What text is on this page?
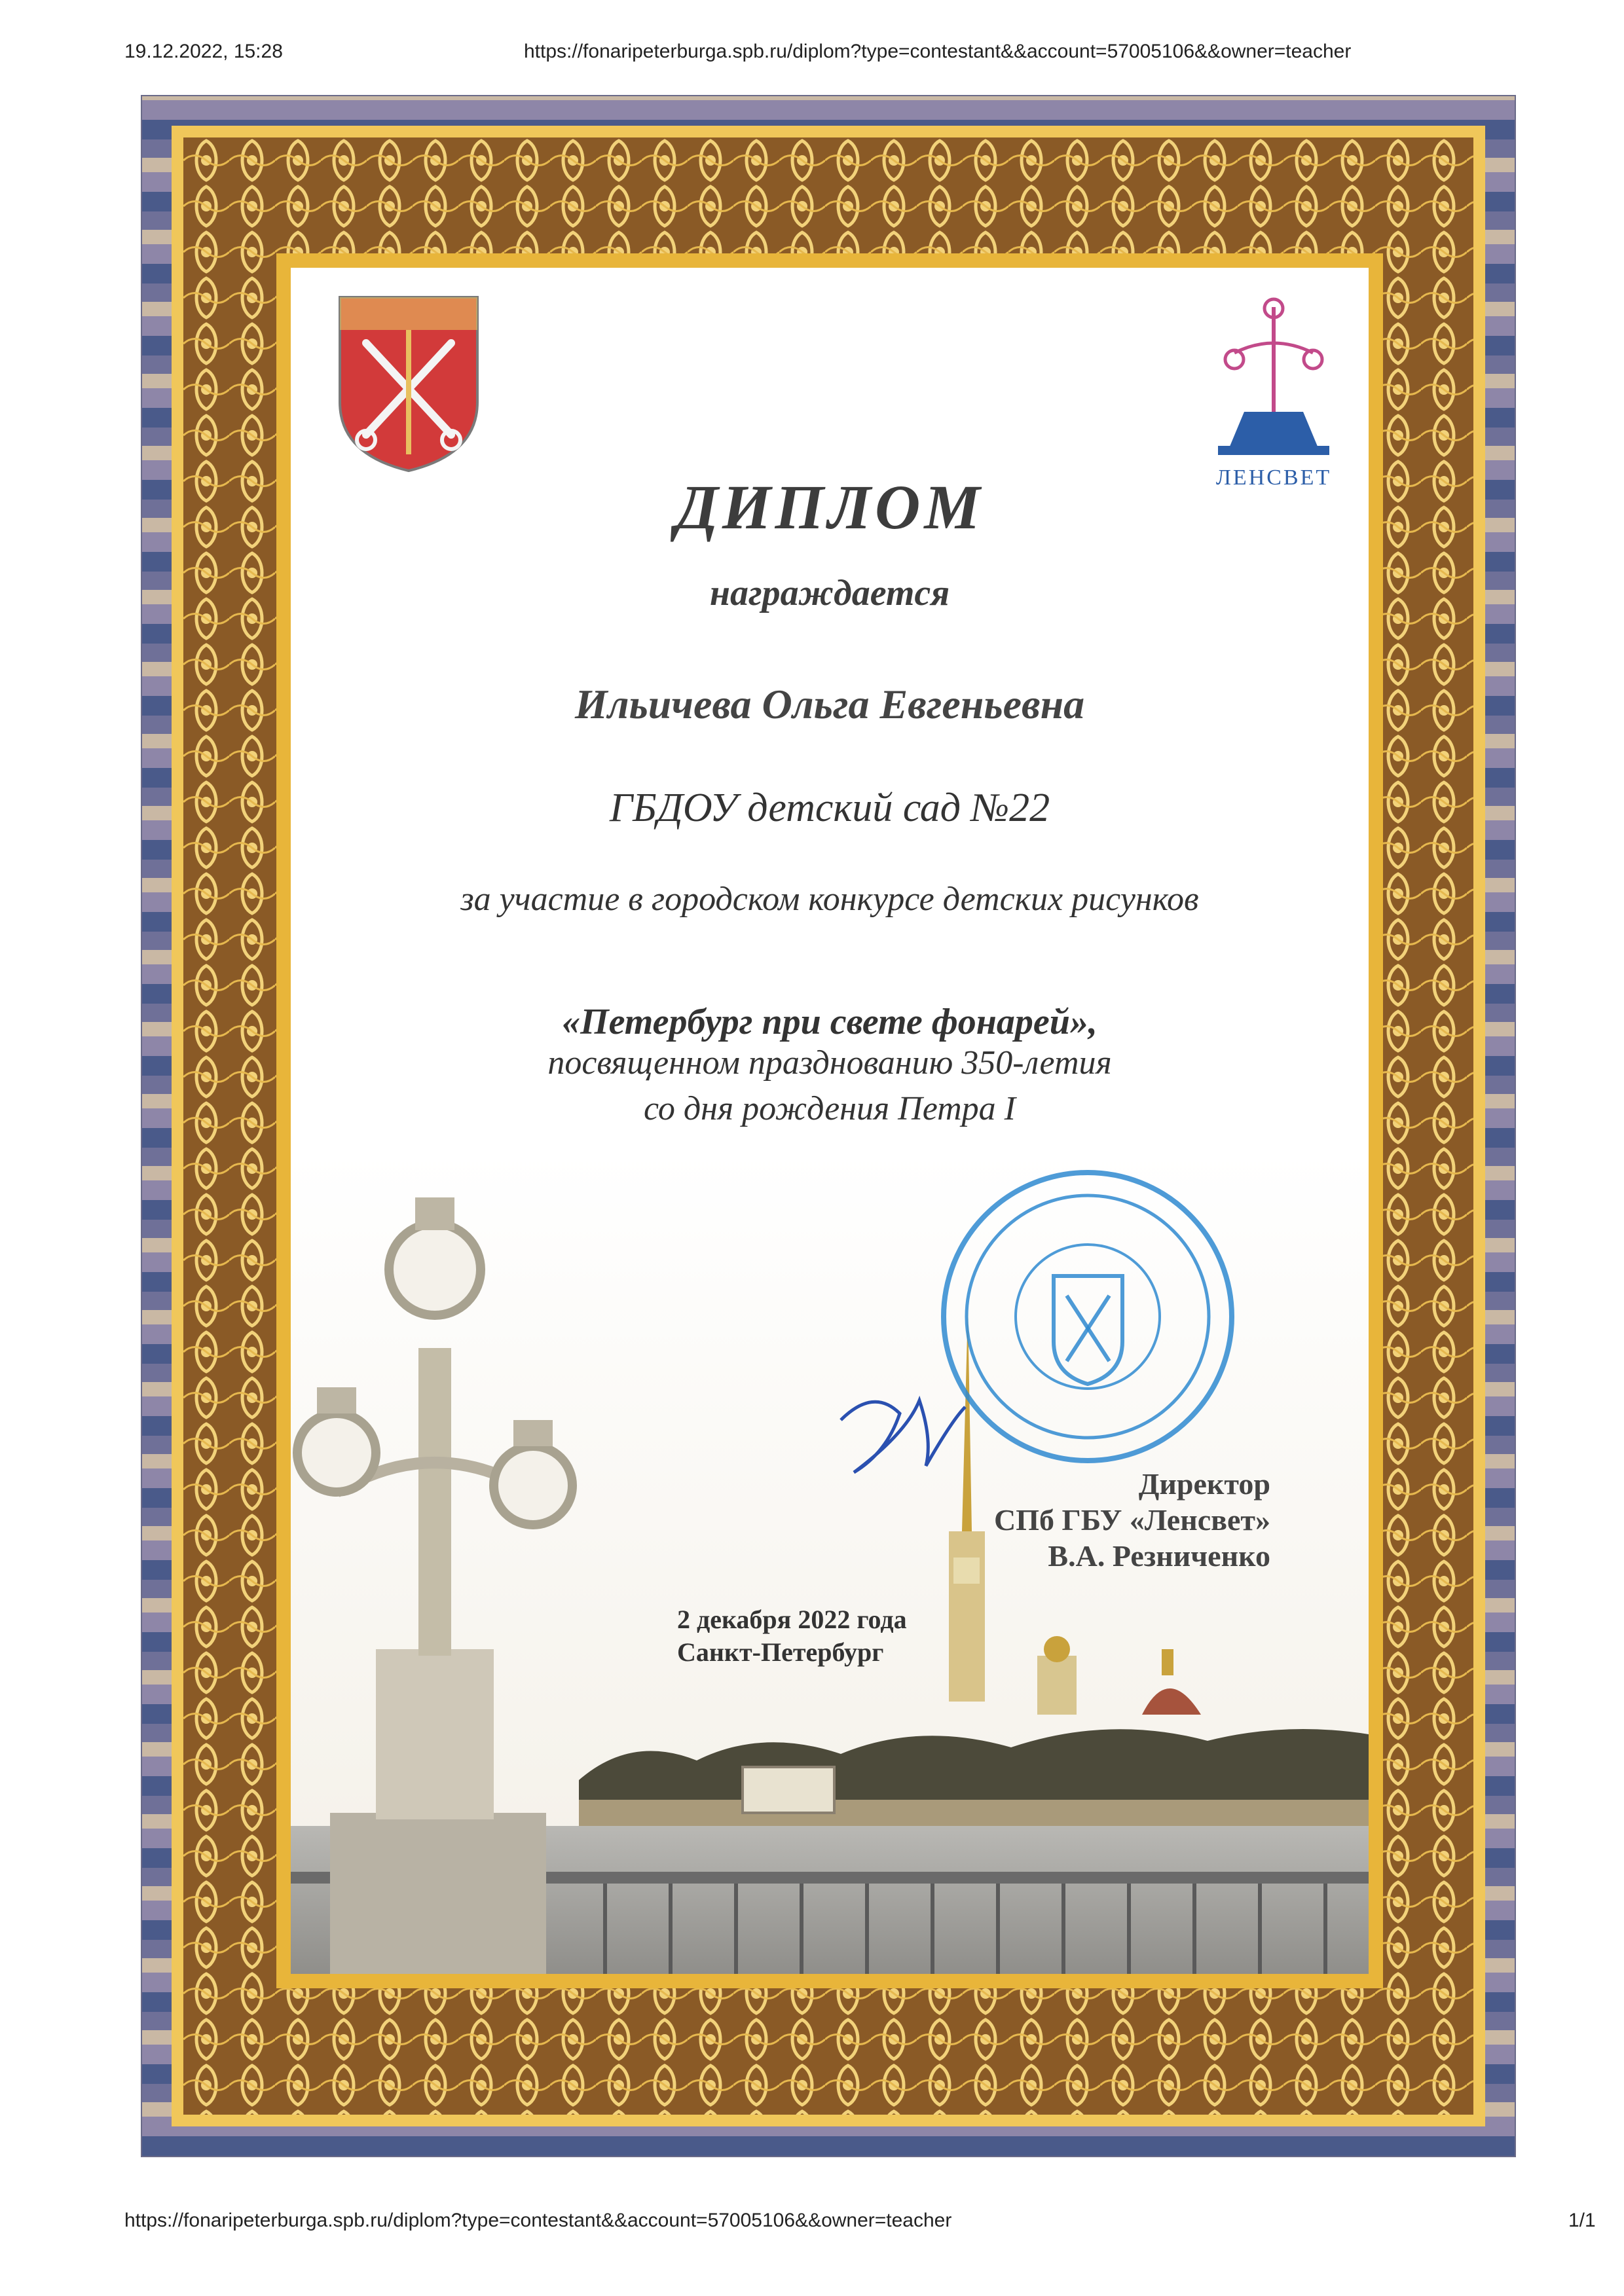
19.12.2022, 15:28	https://fonaripeterburga.spb.ru/diplom?type=contestant&&account=57005106&&owner=teacher
ЛЕНСВЕТ
ДИПЛОМ
награждается
Ильичева Ольга Евгеньевна
ГБДОУ детский сад №22
за участие в городском конкурсе детских рисунков
«Петербург при свете фонарей»,
посвященном празднованию 350-летия
со дня рождения Петра I
Директор
СПб ГБУ «Ленсвет»
В.А. Резниченко
2 декабря 2022 года
Санкт-Петербург
https://fonaripeterburga.spb.ru/diplom?type=contestant&&account=57005106&&owner=teacher	1/1
